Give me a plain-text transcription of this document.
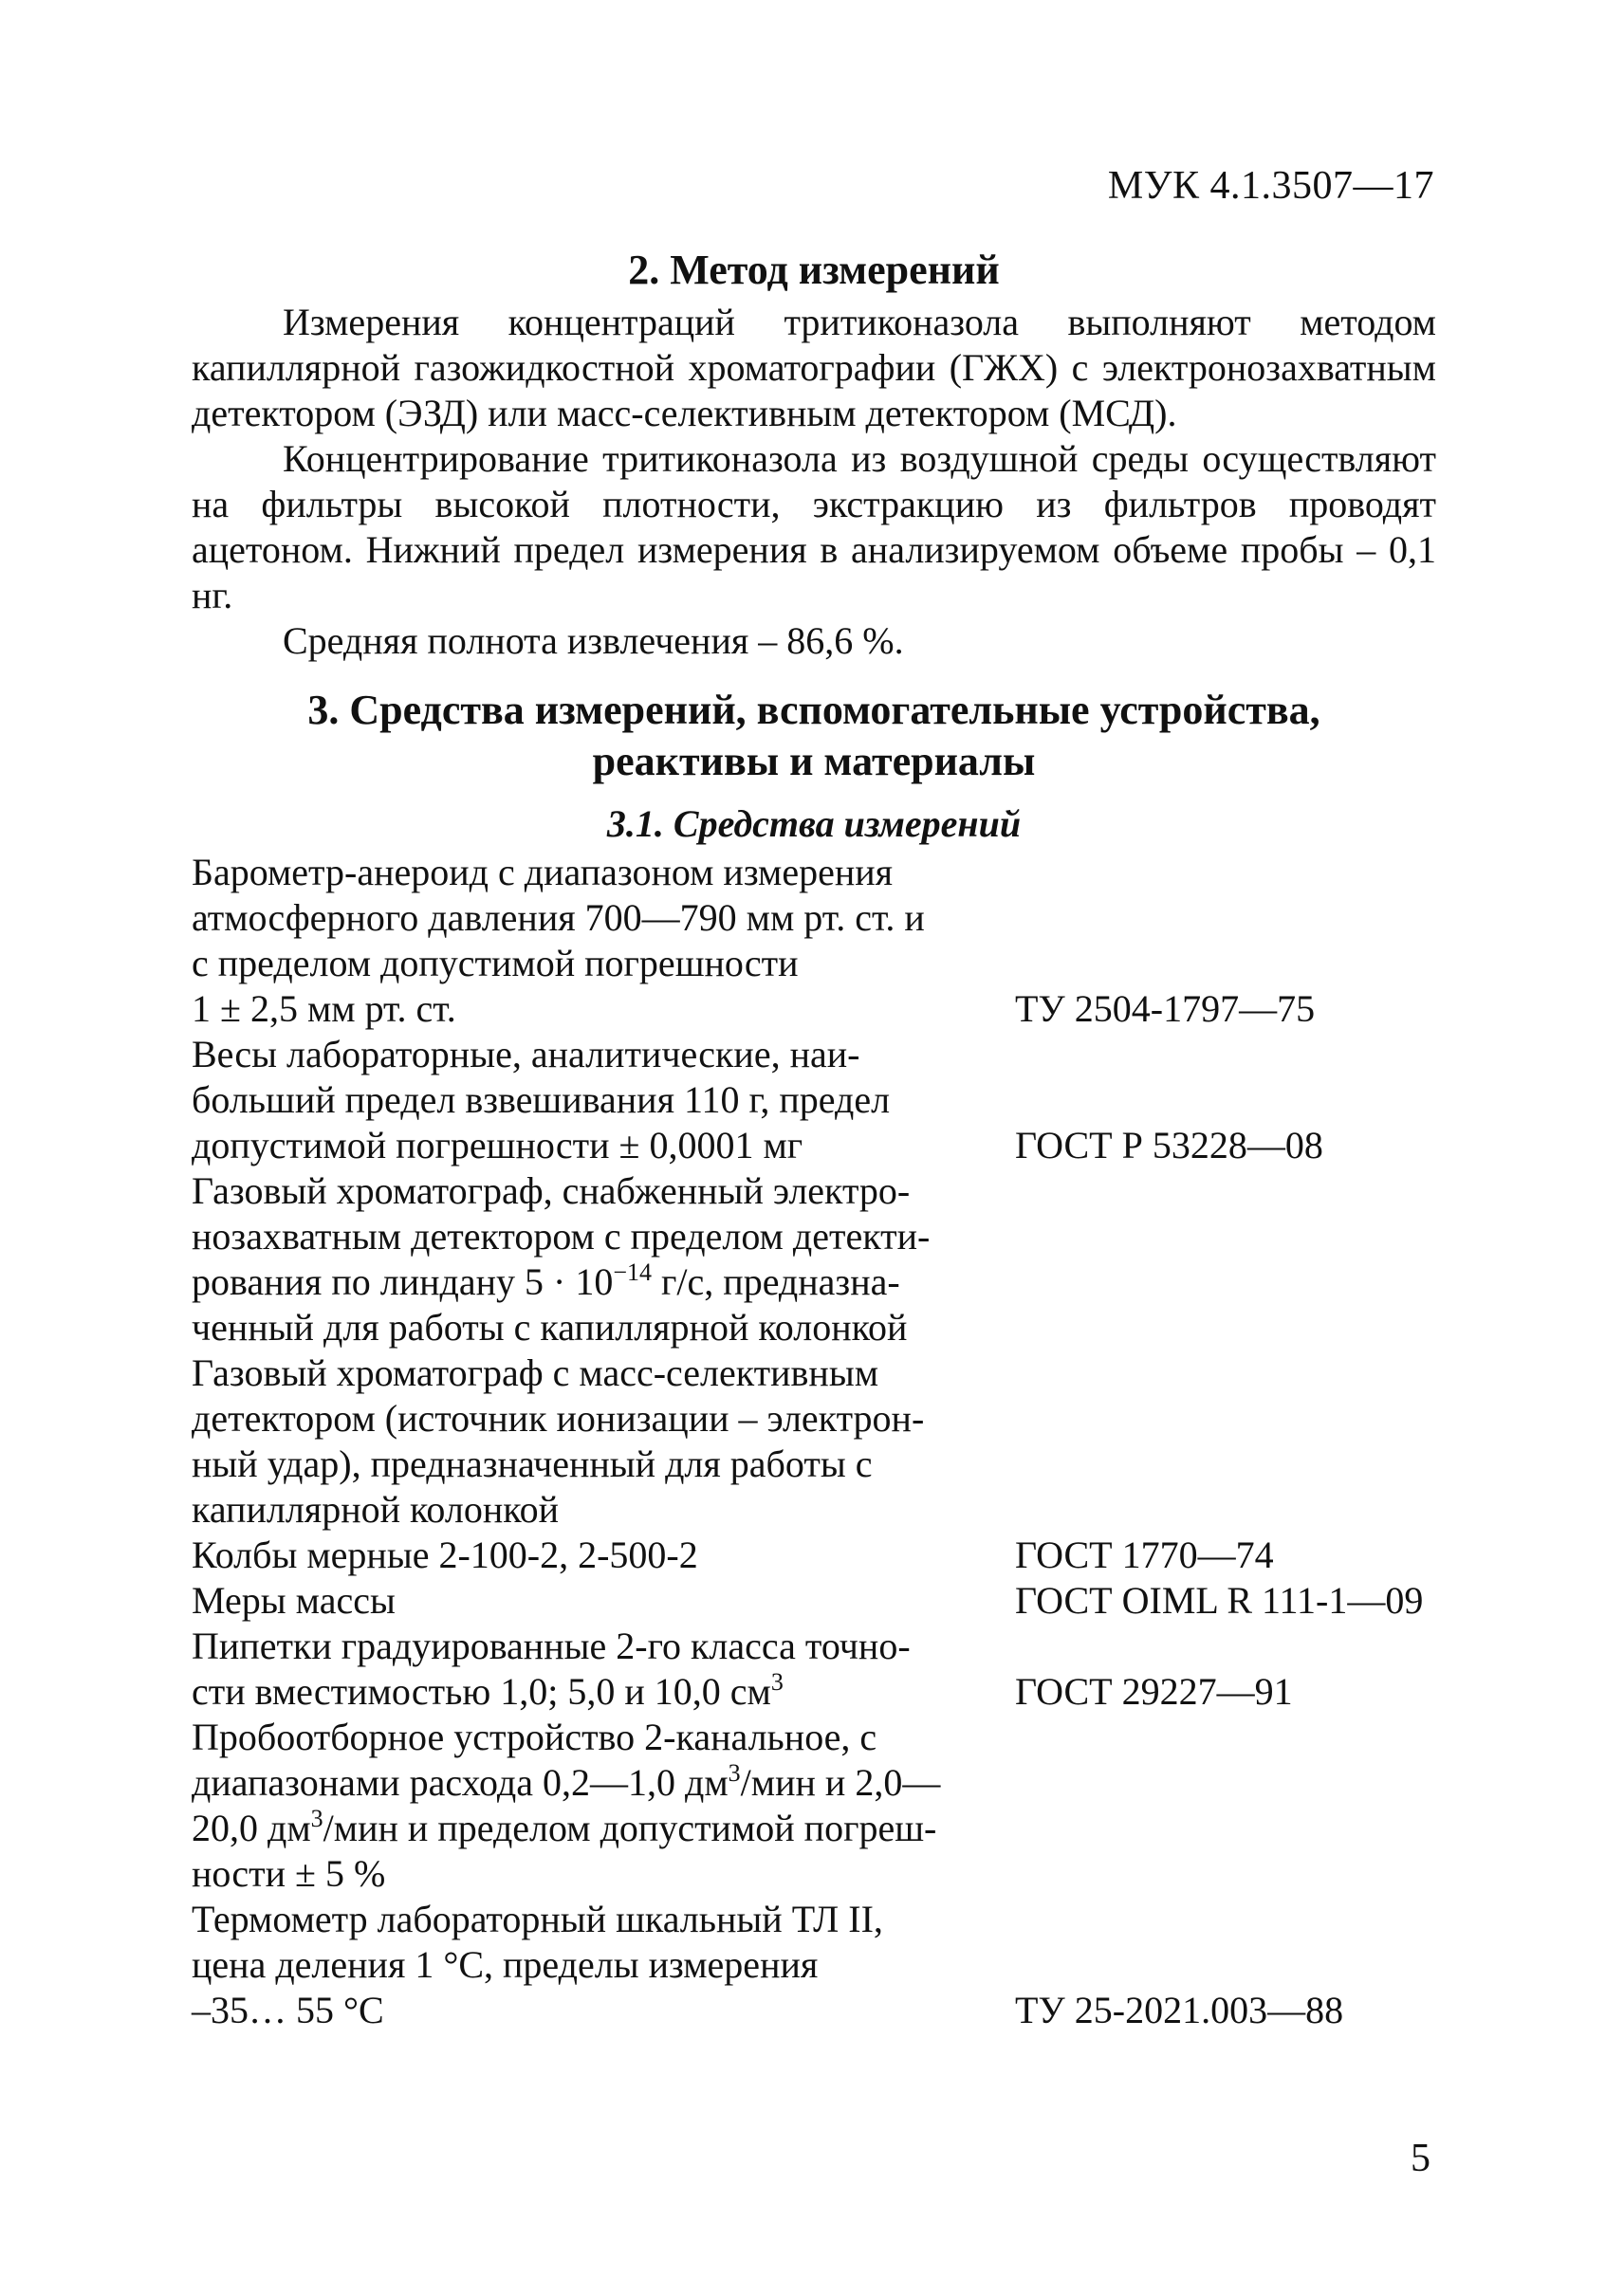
МУК 4.1.3507—17
2. Метод измерений

Измерения концентраций тритиконазола выполняют методом капиллярной газожидкостной хроматографии (ГЖХ) с электронозахватным детектором (ЭЗД) или масс-селективным детектором (МСД).

Концентрирование тритиконазола из воздушной среды осуществляют на фильтры высокой плотности, экстракцию из фильтров проводят ацетоном. Нижний предел измерения в анализируемом объеме пробы – 0,1 нг.

Средняя полнота извлечения – 86,6 %.

3. Средства измерений, вспомогательные устройства,
реактивы и материалы
3.1. Средства измерений
Барометр-анероид с диапазоном измерения
атмосферного давления 700—790 мм рт. ст. и
с пределом допустимой погрешности
1 ± 2,5 мм рт. ст.	ТУ 2504-1797—75
Весы лабораторные, аналитические, наи-
больший предел взвешивания 110 г, предел
допустимой погрешности ± 0,0001 мг	ГОСТ Р 53228—08
Газовый хроматограф, снабженный электро-
нозахватным детектором с пределом детекти-
рования по линдану $5 \cdot 10^{-14}$ г/с, предназна-
ченный для работы с капиллярной колонкой
Газовый хроматограф с масс-селективным
детектором (источник ионизации – электрон-
ный удар), предназначенный для работы с
капиллярной колонкой
Колбы мерные 2-100-2, 2-500-2	ГОСТ 1770—74
Меры массы	ГОСТ OIML R 111-1—09
Пипетки градуированные 2-го класса точно-
сти вместимостью 1,0; 5,0 и 10,0 $см^3$	ГОСТ 29227—91
Пробоотборное устройство 2-канальное, с
диапазонами расхода 0,2—1,0 $дм^3$/мин и 2,0—
20,0 $дм^3$/мин и пределом допустимой погреш-
ности ± 5 %
Термометр лабораторный шкальный ТЛ II,
цена деления 1 °С, пределы измерения
–35… 55 °С	ТУ 25-2021.003—88
5
